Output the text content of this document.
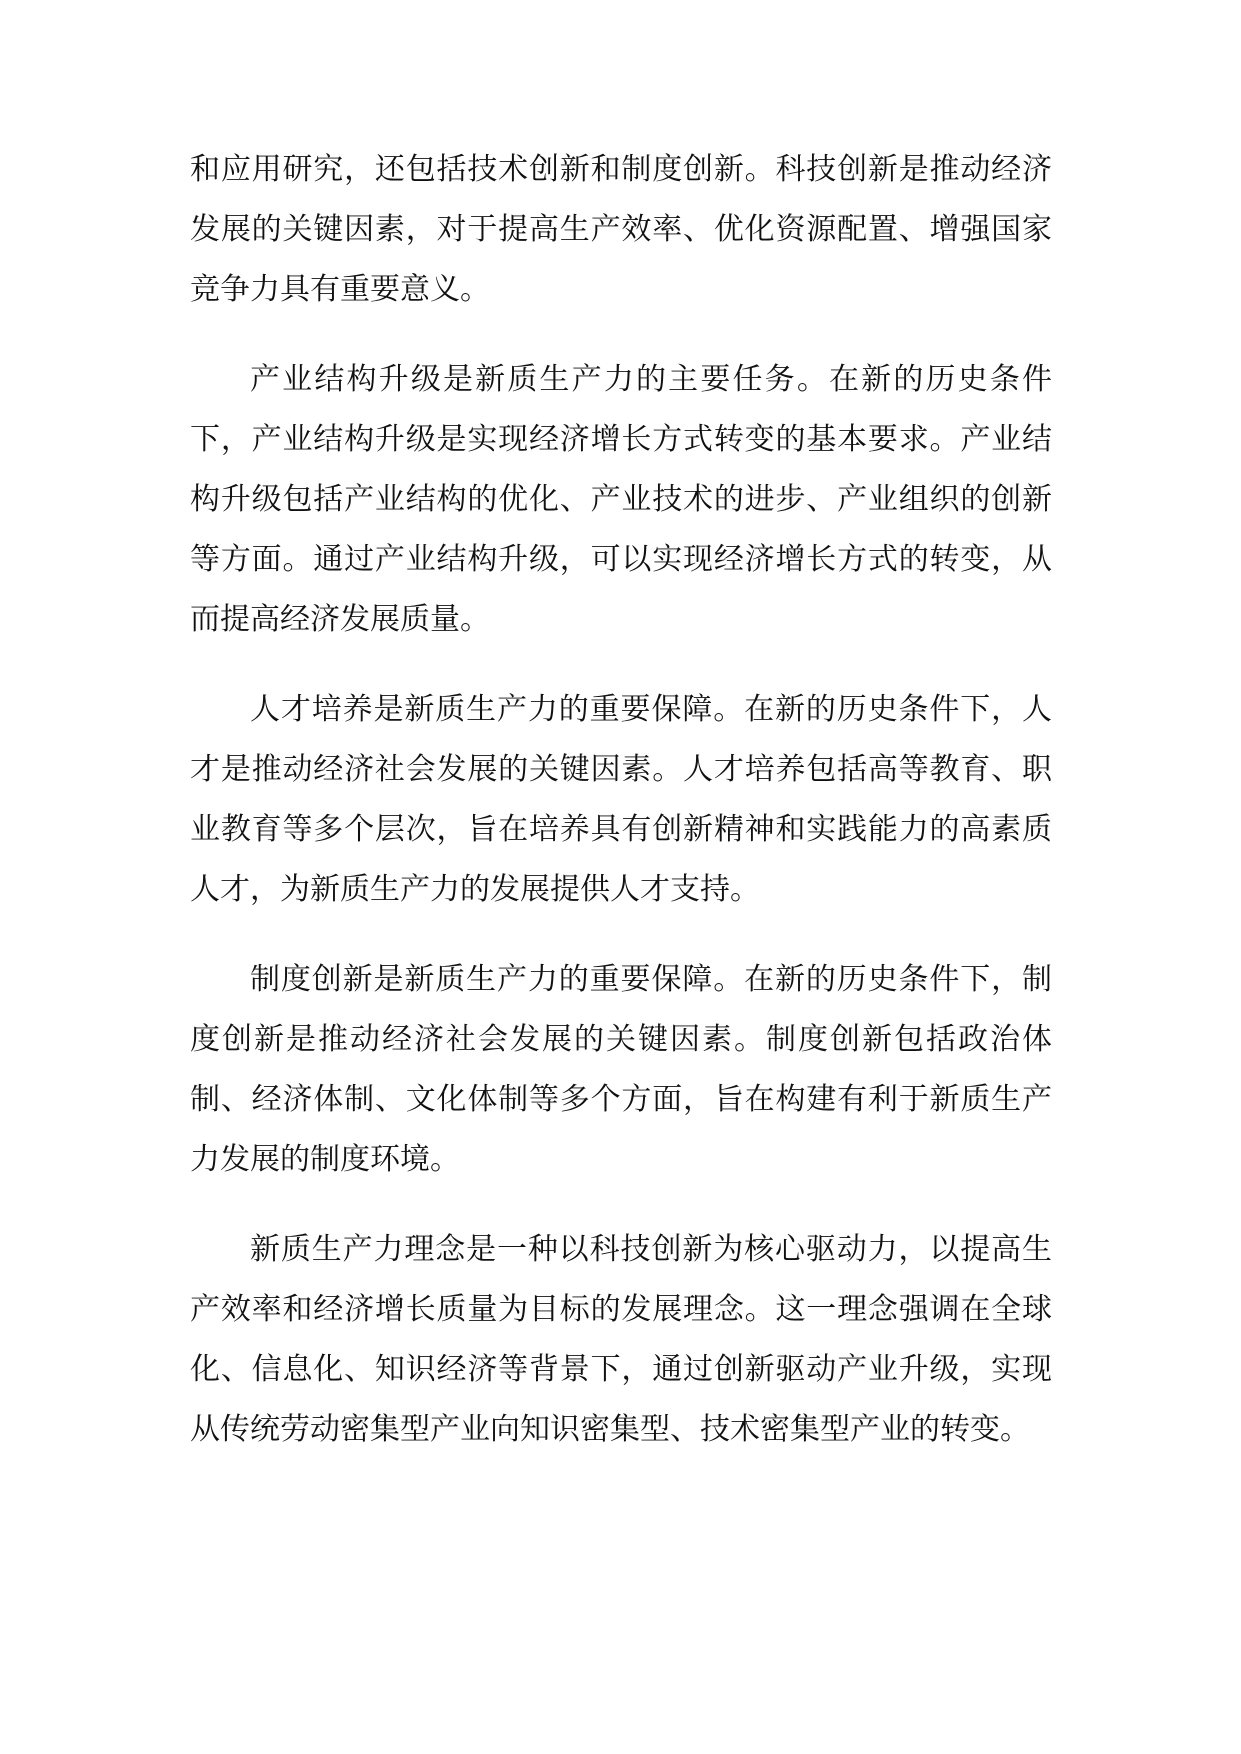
和应用研究，还包括技术创新和制度创新。科技创新是推动经济发展的关键因素，对于提高生产效率、优化资源配置、增强国家竞争力具有重要意义。

产业结构升级是新质生产力的主要任务。在新的历史条件下，产业结构升级是实现经济增长方式转变的基本要求。产业结构升级包括产业结构的优化、产业技术的进步、产业组织的创新等方面。通过产业结构升级，可以实现经济增长方式的转变，从而提高经济发展质量。

人才培养是新质生产力的重要保障。在新的历史条件下，人才是推动经济社会发展的关键因素。人才培养包括高等教育、职业教育等多个层次，旨在培养具有创新精神和实践能力的高素质人才，为新质生产力的发展提供人才支持。

制度创新是新质生产力的重要保障。在新的历史条件下，制度创新是推动经济社会发展的关键因素。制度创新包括政治体制、经济体制、文化体制等多个方面，旨在构建有利于新质生产力发展的制度环境。

新质生产力理念是一种以科技创新为核心驱动力，以提高生产效率和经济增长质量为目标的发展理念。这一理念强调在全球化、信息化、知识经济等背景下，通过创新驱动产业升级，实现从传统劳动密集型产业向知识密集型、技术密集型产业的转变。
